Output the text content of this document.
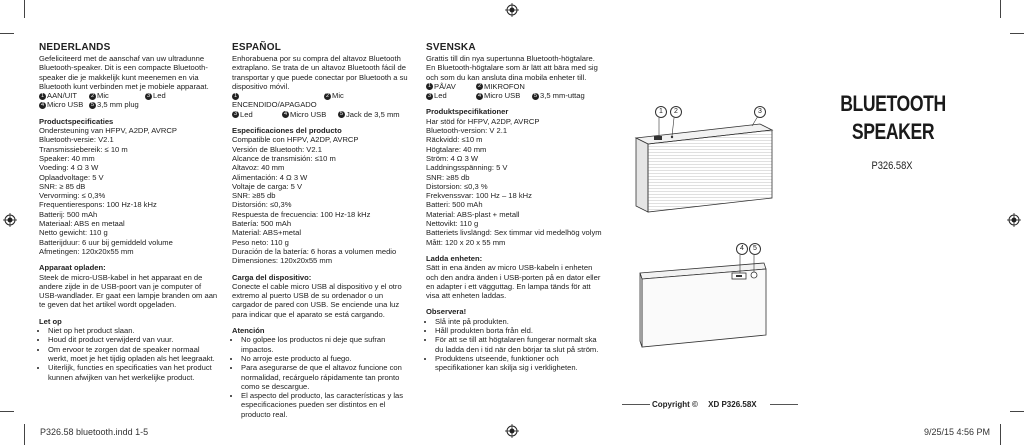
NEDERLANDS

Gefeliciteerd met de aanschaf van uw ultradunne Bluetooth-speaker. Dit is een compacte Bluetooth-speaker die je makkelijk kunt meenemen en via Bluetooth kunt verbinden met je mobiele apparaat.

1 AAN/UIT	2 Mic	3 Led
4 Micro USB	5 3,5 mm plug

Productspecificaties

Ondersteuning van HFPV, A2DP, AVRCP

Bluetooth-versie: V2.1

Transmissiebereik: ≤ 10 m

Speaker: 40 mm

Voeding: 4 Ω 3 W

Oplaadvoltage: 5 V

SNR: ≥ 85 dB

Vervorming: ≤ 0,3%

Frequentierespons: 100 Hz-18 kHz

Batterij: 500 mAh

Materiaal: ABS en metaal

Netto gewicht: 110 g

Batterijduur: 6 uur bij gemiddeld volume

Afmetingen: 120x20x55 mm

Apparaat opladen:

Steek de micro-USB-kabel in het apparaat en de andere zijde in de USB-poort van je computer of USB-wandlader. Er gaat een lampje branden om aan te geven dat het artikel wordt opgeladen.

Let op

• Niet op het product slaan.
• Houd dit product verwijderd van vuur.
• Om ervoor te zorgen dat de speaker normaal werkt, moet je het tijdig opladen als het leegraakt.
• Uiterlijk, functies en specificaties van het product kunnen afwijken van het werkelijke product.
ESPAÑOL

Enhorabuena por su compra del altavoz Bluetooth extraplano. Se trata de un altavoz Bluetooth fácil de transportar y que puede conectar por Bluetooth a su dispositivo móvil.

1ENCENDIDO/APAGADO
2 Mic
3 Led	4 Micro USB	5 Jack de 3,5 mm

Especificaciones del producto

Compatible con HFPV, A2DP, AVRCP

Versión de Bluetooth: V2.1

Alcance de transmisión: ≤10 m

Altavoz: 40 mm

Alimentación: 4 Ω 3 W

Voltaje de carga: 5 V

SNR: ≥85 db

Distorsión: ≤0,3%

Respuesta de frecuencia: 100 Hz-18 kHz

Batería: 500 mAh

Material: ABS+metal

Peso neto: 110 g

Duración de la batería: 6 horas a volumen medio

Dimensiones: 120x20x55 mm

Carga del dispositivo:

Conecte el cable micro USB al dispositivo y el otro extremo al puerto USB de su ordenador o un cargador de pared con USB. Se enciende una luz para indicar que el aparato se está cargando.

Atención

• No golpee los productos ni deje que sufran impactos.
• No arroje este producto al fuego.
• Para asegurarse de que el altavoz funcione con normalidad, recárguelo rápidamente tan pronto como se descargue.
• El aspecto del producto, las características y las especificaciones pueden ser distintos en el producto real.
SVENSKA

Grattis till din nya supertunna Bluetooth-högtalare. En Bluetooth-högtalare som är lätt att bära med sig och som du kan ansluta dina mobila enheter till.

1 PÅ/AV	2 MIKROFON
3 Led	4 Micro USB	5 3,5 mm-uttag

Produktspecifikationer

Har stöd för HFPV, A2DP, AVRCP

Bluetooth-version: V 2.1

Räckvidd: ≤10 m

Högtalare: 40 mm

Ström: 4 Ω 3 W

Laddningsspänning: 5 V

SNR: ≥85 db

Distorsion: ≤0,3 %

Frekvenssvar: 100 Hz – 18 kHz

Batteri: 500 mAh

Material: ABS-plast + metall

Nettovikt: 110 g

Batteriets livslängd: Sex timmar vid medelhög volym

Mått: 120 x 20 x 55 mm

Ladda enheten:

Sätt in ena änden av micro USB-kabeln i enheten och den andra änden i USB-porten på en dator eller en adapter i ett vägguttag. En lampa tänds för att visa att enheten laddas.

Observera!

• Slå inte på produkten.
• Håll produkten borta från eld.
• För att se till att högtalaren fungerar normalt ska du ladda den i tid när den börjar ta slut på ström.
• Produktens utseende, funktioner och specifikationer kan skilja sig i verkligheten.
1	2	3
4	5
BLUETOOTH
SPEAKER
P326.58X
Copyright © XD P326.58X
P326.58 bluetooth.indd 1-5	9/25/15 4:56 PM
